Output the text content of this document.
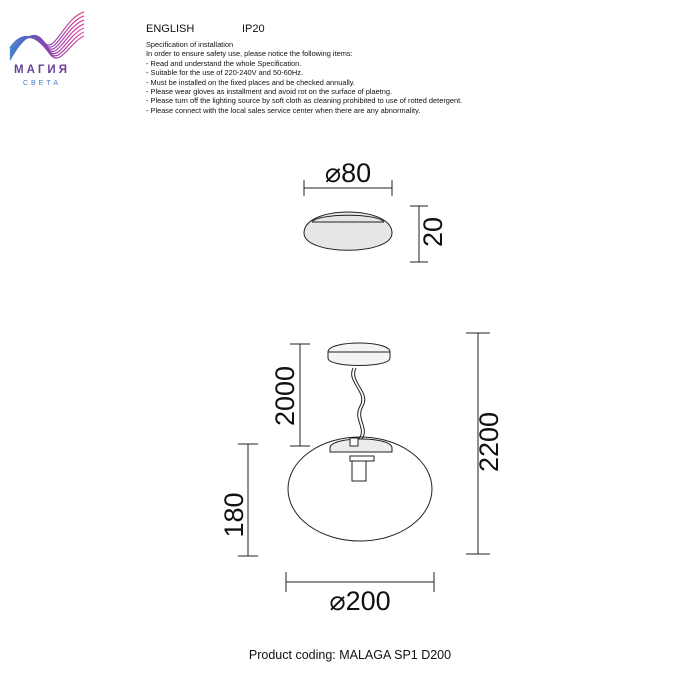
МАГИЯ
СВЕТА
ENGLISH	IP20
Specification of installation
In order to ensure safety use, please notice the following items:
- Read and understand the whole Specification.
- Suitable for the use of 220-240V and 50-60Hz.
- Must be installed on the fixed places and be checked annually.
- Please wear gloves as installment and avoid rot on the surface of plaetng.
- Please turn off the lighting source by soft cloth as cleaning prohibited to use of rotted detergent.
- Please connect with the local sales service center when there are any abnormality.
⌀80
20
2000
2200
180
⌀200
Product coding: MALAGA SP1 D200
